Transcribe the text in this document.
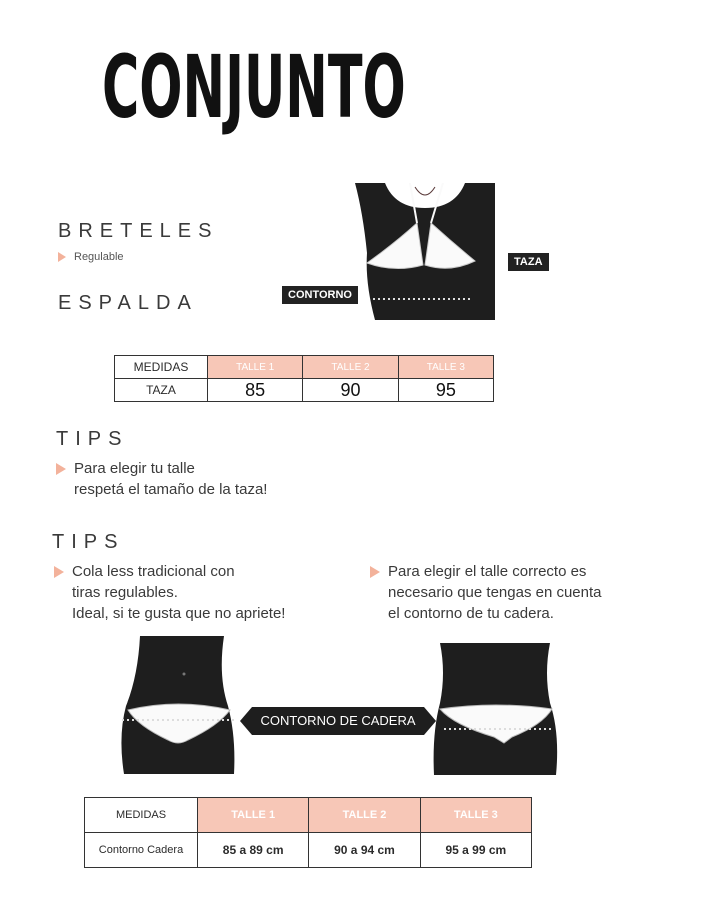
CONJUNTO
BRETELES
Regulable
ESPALDA
TAZA
CONTORNO
MEDIDAS	TALLE 1	TALLE 2	TALLE 3
TAZA	85	90	95
TIPS
Para elegir tu talle
respetá el tamaño de la taza!
TIPS
Cola less tradicional con
tiras regulables.
Ideal, si te gusta que no apriete!
Para elegir el talle correcto es
necesario que tengas en cuenta
el contorno de tu cadera.
CONTORNO DE CADERA
MEDIDAS	TALLE 1	TALLE 2	TALLE 3
Contorno Cadera	85 a 89 cm	90 a 94 cm	95 a 99 cm
